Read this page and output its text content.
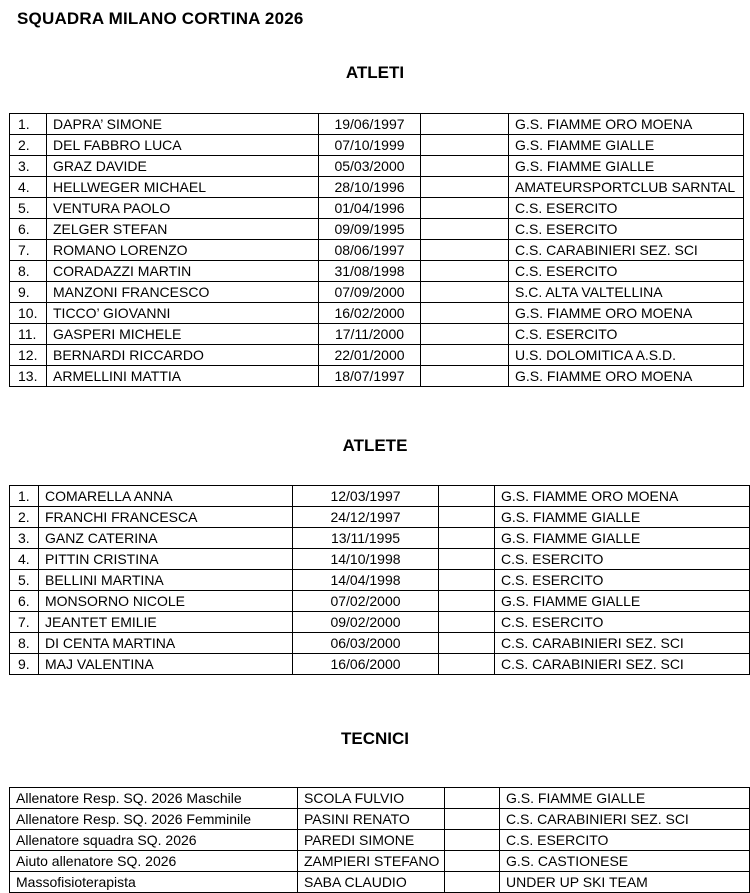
SQUADRA MILANO CORTINA 2026
ATLETI
1.	DAPRA’ SIMONE	19/06/1997		G.S. FIAMME ORO MOENA
2.	DEL FABBRO LUCA	07/10/1999		G.S. FIAMME GIALLE
3.	GRAZ DAVIDE	05/03/2000		G.S. FIAMME GIALLE
4.	HELLWEGER MICHAEL	28/10/1996		AMATEURSPORTCLUB SARNTAL
5.	VENTURA PAOLO	01/04/1996		C.S. ESERCITO
6.	ZELGER STEFAN	09/09/1995		C.S. ESERCITO
7.	ROMANO LORENZO	08/06/1997		C.S. CARABINIERI SEZ. SCI
8.	CORADAZZI MARTIN	31/08/1998		C.S. ESERCITO
9.	MANZONI FRANCESCO	07/09/2000		S.C. ALTA VALTELLINA
10.	TICCO’ GIOVANNI	16/02/2000		G.S. FIAMME ORO MOENA
11.	GASPERI MICHELE	17/11/2000		C.S. ESERCITO
12.	BERNARDI RICCARDO	22/01/2000		U.S. DOLOMITICA A.S.D.
13.	ARMELLINI MATTIA	18/07/1997		G.S. FIAMME ORO MOENA
ATLETE
1.	COMARELLA ANNA	12/03/1997		G.S. FIAMME ORO MOENA
2.	FRANCHI FRANCESCA	24/12/1997		G.S. FIAMME GIALLE
3.	GANZ CATERINA	13/11/1995		G.S. FIAMME GIALLE
4.	PITTIN CRISTINA	14/10/1998		C.S. ESERCITO
5.	BELLINI MARTINA	14/04/1998		C.S. ESERCITO
6.	MONSORNO NICOLE	07/02/2000		G.S. FIAMME GIALLE
7.	JEANTET EMILIE	09/02/2000		C.S. ESERCITO
8.	DI CENTA MARTINA	06/03/2000		C.S. CARABINIERI SEZ. SCI
9.	MAJ VALENTINA	16/06/2000		C.S. CARABINIERI SEZ. SCI
TECNICI
Allenatore Resp. SQ. 2026 Maschile	SCOLA FULVIO		G.S. FIAMME GIALLE
Allenatore Resp. SQ. 2026 Femminile	PASINI RENATO		C.S. CARABINIERI SEZ. SCI
Allenatore squadra SQ. 2026	PAREDI SIMONE		C.S. ESERCITO
Aiuto allenatore SQ. 2026	ZAMPIERI STEFANO		G.S. CASTIONESE
Massofisioterapista	SABA CLAUDIO		UNDER UP SKI TEAM
